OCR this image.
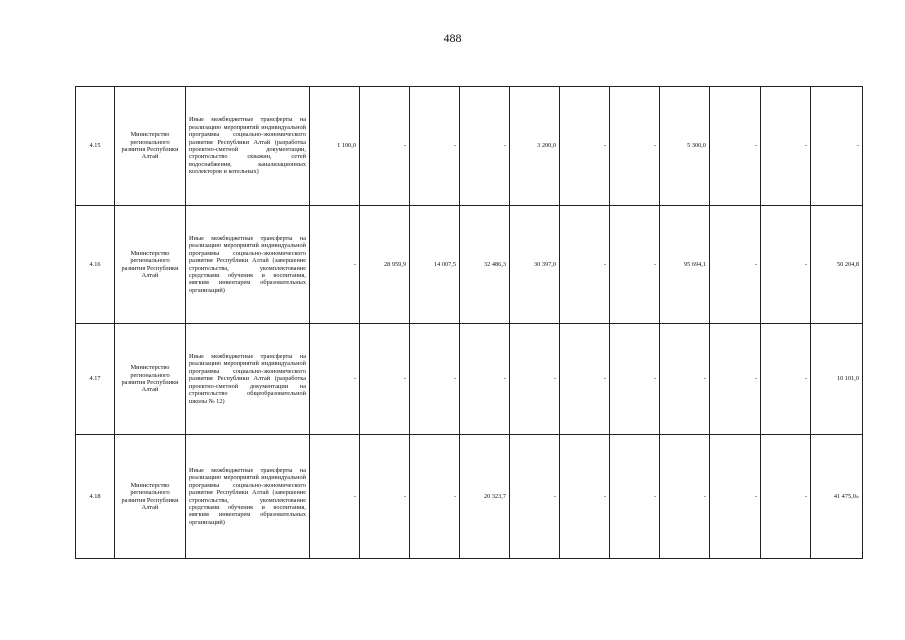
488
4.15	Министерство регионального развития Республики Алтай	Иные межбюджетные трансферты на реализацию мероприятий индивидуальной программы социально-экономического развития Республики Алтай (разработка проектно-сметной документации, строительство скважин, сетей водоснабжения, канализационных коллекторов и котельных)	1 100,0	-	-	-	3 200,0	-	-	5 300,0	-	-	-
4.16	Министерство регионального развития Республики Алтай	Иные межбюджетные трансферты на реализацию мероприятий индивидуальной программы социально-экономического развития Республики Алтай (завершение строительства, укомплектование средствами обучения и воспитания, мягким инвентарем образовательных организаций)	-	28 959,9	14 007,5	32 486,3	30 397,0	-	-	95 694,1	-	-	50 204,8
4.17	Министерство регионального развития Республики Алтай	Иные межбюджетные трансферты на реализацию мероприятий индивидуальной программы социально-экономического развития Республики Алтай (разработка проектно-сметной документации на строительство общеобразовательной школы № 12)	-	-	-	-	-	-	-	-	-	-	10 101,0
4.18	Министерство регионального развития Республики Алтай	Иные межбюджетные трансферты на реализацию мероприятий индивидуальной программы социально-экономического развития Республики Алтай (завершение строительства, укомплектование средствами обучения и воспитания, мягким инвентарем образовательных организаций)	-	-	-	20 323,7	-	-	-	-	-	-	41 475,0»
